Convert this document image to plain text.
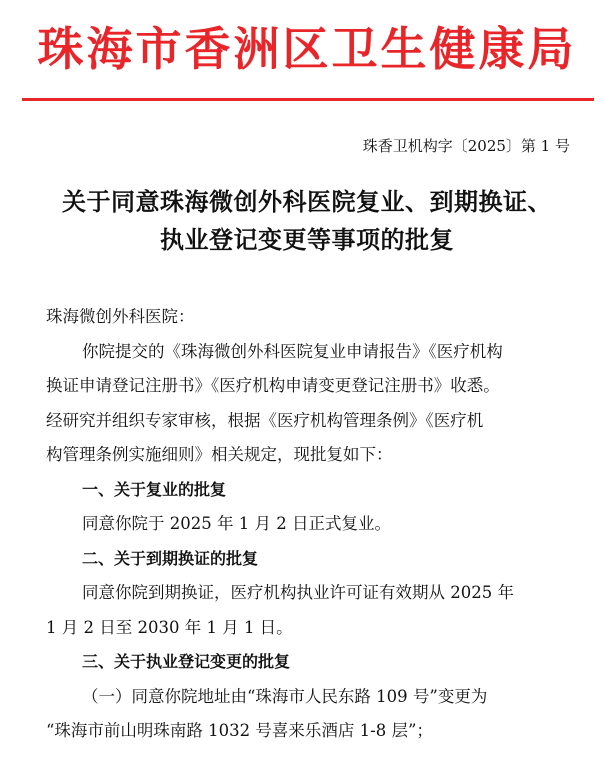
珠海市香洲区卫生健康局
珠香卫机构字〔2025〕第 1 号
关于同意珠海微创外科医院复业、到期换证、
执业登记变更等事项的批复
珠海微创外科医院：
你院提交的《珠海微创外科医院复业申请报告》《医疗机构
换证申请登记注册书》《医疗机构申请变更登记注册书》收悉。
经研究并组织专家审核，根据《医疗机构管理条例》《医疗机
构管理条例实施细则》相关规定，现批复如下：
一、关于复业的批复
同意你院于 2025 年 1 月 2 日正式复业。
二、关于到期换证的批复
同意你院到期换证，医疗机构执业许可证有效期从 2025 年
1 月 2 日至 2030 年 1 月 1 日。
三、关于执业登记变更的批复
（一）同意你院地址由“珠海市人民东路 109 号”变更为
“珠海市前山明珠南路 1032 号喜来乐酒店 1-8 层”；
